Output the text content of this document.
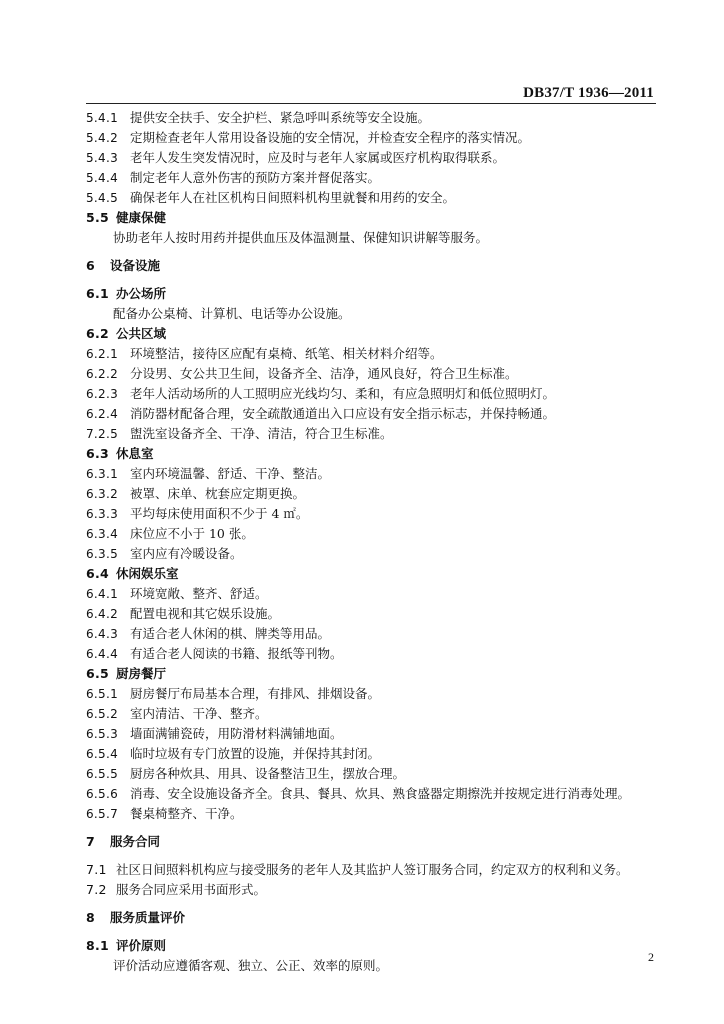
DB37/T 1936—2011
5.4.1 提供安全扶手、安全护栏、紧急呼叫系统等安全设施。
5.4.2 定期检查老年人常用设备设施的安全情况，并检查安全程序的落实情况。
5.4.3 老年人发生突发情况时，应及时与老年人家属或医疗机构取得联系。
5.4.4 制定老年人意外伤害的预防方案并督促落实。
5.4.5 确保老年人在社区机构日间照料机构里就餐和用药的安全。
5.5 健康保健
协助老年人按时用药并提供血压及体温测量、保健知识讲解等服务。
6 设备设施
6.1 办公场所
配备办公桌椅、计算机、电话等办公设施。
6.2 公共区域
6.2.1 环境整洁，接待区应配有桌椅、纸笔、相关材料介绍等。
6.2.2 分设男、女公共卫生间，设备齐全、洁净，通风良好，符合卫生标准。
6.2.3 老年人活动场所的人工照明应光线均匀、柔和，有应急照明灯和低位照明灯。
6.2.4 消防器材配备合理，安全疏散通道出入口应设有安全指示标志，并保持畅通。
7.2.5 盥洗室设备齐全、干净、清洁，符合卫生标准。
6.3 休息室
6.3.1 室内环境温馨、舒适、干净、整洁。
6.3.2 被罩、床单、枕套应定期更换。
6.3.3 平均每床使用面积不少于 4 ㎡。
6.3.4 床位应不小于 10 张。
6.3.5 室内应有冷暖设备。
6.4 休闲娱乐室
6.4.1 环境宽敞、整齐、舒适。
6.4.2 配置电视和其它娱乐设施。
6.4.3 有适合老人休闲的棋、牌类等用品。
6.4.4 有适合老人阅读的书籍、报纸等刊物。
6.5 厨房餐厅
6.5.1 厨房餐厅布局基本合理，有排风、排烟设备。
6.5.2 室内清洁、干净、整齐。
6.5.3 墙面满铺瓷砖，用防滑材料满铺地面。
6.5.4 临时垃圾有专门放置的设施，并保持其封闭。
6.5.5 厨房各种炊具、用具、设备整洁卫生，摆放合理。
6.5.6 消毒、安全设施设备齐全。食具、餐具、炊具、熟食盛器定期擦洗并按规定进行消毒处理。
6.5.7 餐桌椅整齐、干净。
7 服务合同
7.1 社区日间照料机构应与接受服务的老年人及其监护人签订服务合同，约定双方的权利和义务。
7.2 服务合同应采用书面形式。
8 服务质量评价
8.1 评价原则
评价活动应遵循客观、独立、公正、效率的原则。
2
